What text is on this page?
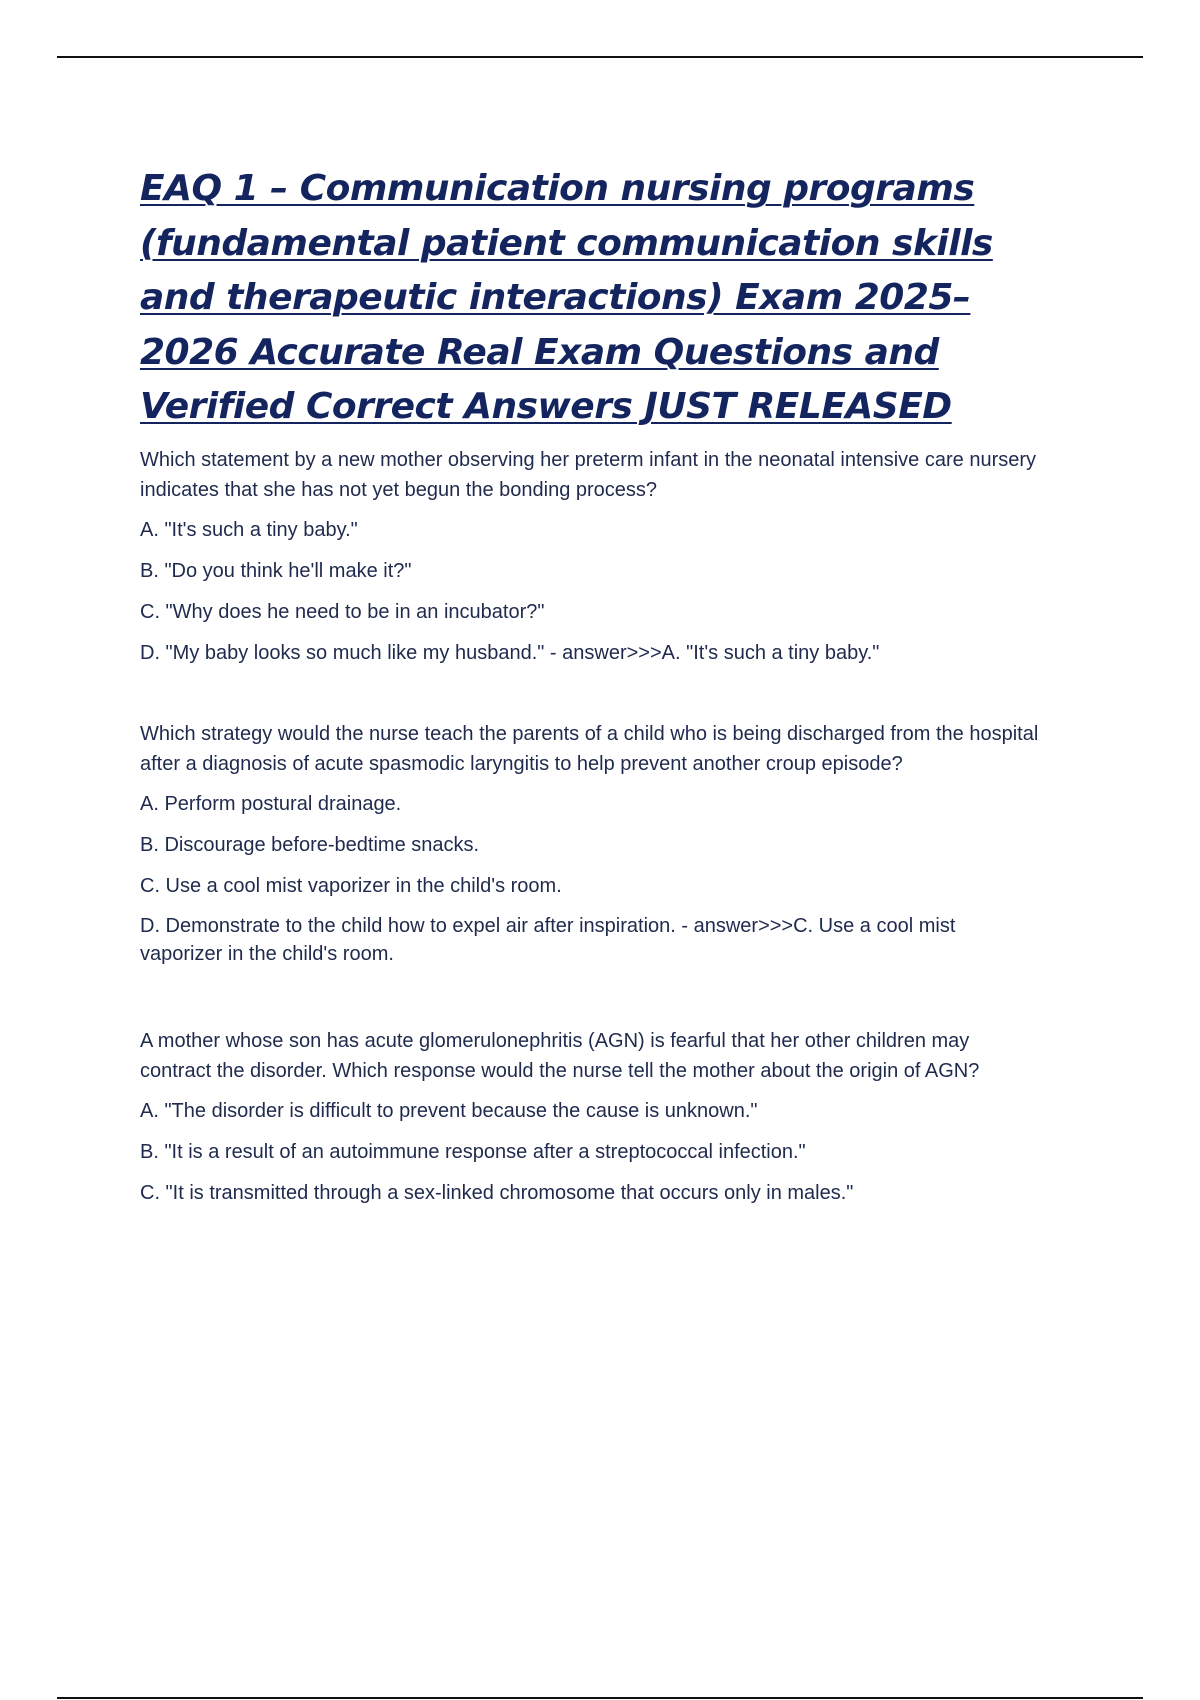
EAQ 1 – Communication nursing programs (fundamental patient communication skills and therapeutic interactions) Exam 2025–2026 Accurate Real Exam Questions and Verified Correct Answers JUST RELEASED

Which statement by a new mother observing her preterm infant in the neonatal intensive care nursery indicates that she has not yet begun the bonding process?

A. "It's such a tiny baby."

B. "Do you think he'll make it?"

C. "Why does he need to be in an incubator?"

D. "My baby looks so much like my husband." - answer>>>A. "It's such a tiny baby."

Which strategy would the nurse teach the parents of a child who is being discharged from the hospital after a diagnosis of acute spasmodic laryngitis to help prevent another croup episode?

A. Perform postural drainage.

B. Discourage before-bedtime snacks.

C. Use a cool mist vaporizer in the child's room.

D. Demonstrate to the child how to expel air after inspiration. - answer>>>C. Use a cool mist vaporizer in the child's room.

A mother whose son has acute glomerulonephritis (AGN) is fearful that her other children may contract the disorder. Which response would the nurse tell the mother about the origin of AGN?

A. "The disorder is difficult to prevent because the cause is unknown."

B. "It is a result of an autoimmune response after a streptococcal infection."

C. "It is transmitted through a sex-linked chromosome that occurs only in males."
